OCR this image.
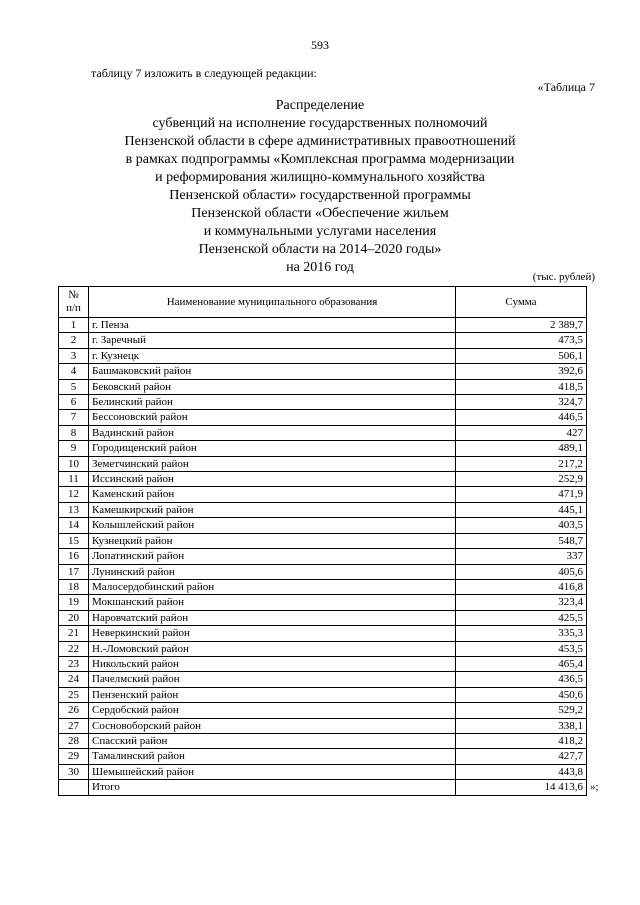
593
таблицу 7 изложить в следующей редакции:
«Таблица 7
Распределение
субвенций на исполнение государственных полномочий
Пензенской области в сфере административных правоотношений
в рамках подпрограммы «Комплексная программа модернизации
и реформирования жилищно-коммунального хозяйства
Пензенской области» государственной программы
Пензенской области «Обеспечение жильем
и коммунальными услугами населения
Пензенской области на 2014–2020 годы»
на 2016 год
(тыс. рублей)
№
п/п	Наименование муниципального образования	Сумма
1	г. Пенза	2 389,7
2	г. Заречный	473,5
3	г. Кузнецк	506,1
4	Башмаковский район	392,6
5	Бековский район	418,5
6	Белинский район	324,7
7	Бессоновский район	446,5
8	Вадинский район	427
9	Городищенский район	489,1
10	Земетчинский район	217,2
11	Иссинский район	252,9
12	Каменский район	471,9
13	Камешкирский район	445,1
14	Колышлейский район	403,5
15	Кузнецкий район	548,7
16	Лопатинский район	337
17	Лунинский район	405,6
18	Малосердобинский район	416,8
19	Мокшанский район	323,4
20	Наровчатский район	425,5
21	Неверкинский район	335,3
22	Н.-Ломовский район	453,5
23	Никольский район	465,4
24	Пачелмский район	436,5
25	Пензенский район	450,6
26	Сердобский район	529,2
27	Сосновоборский район	338,1
28	Спасский район	418,2
29	Тамалинский район	427,7
30	Шемышейский район	443,8
	Итого	14 413,6 »;
